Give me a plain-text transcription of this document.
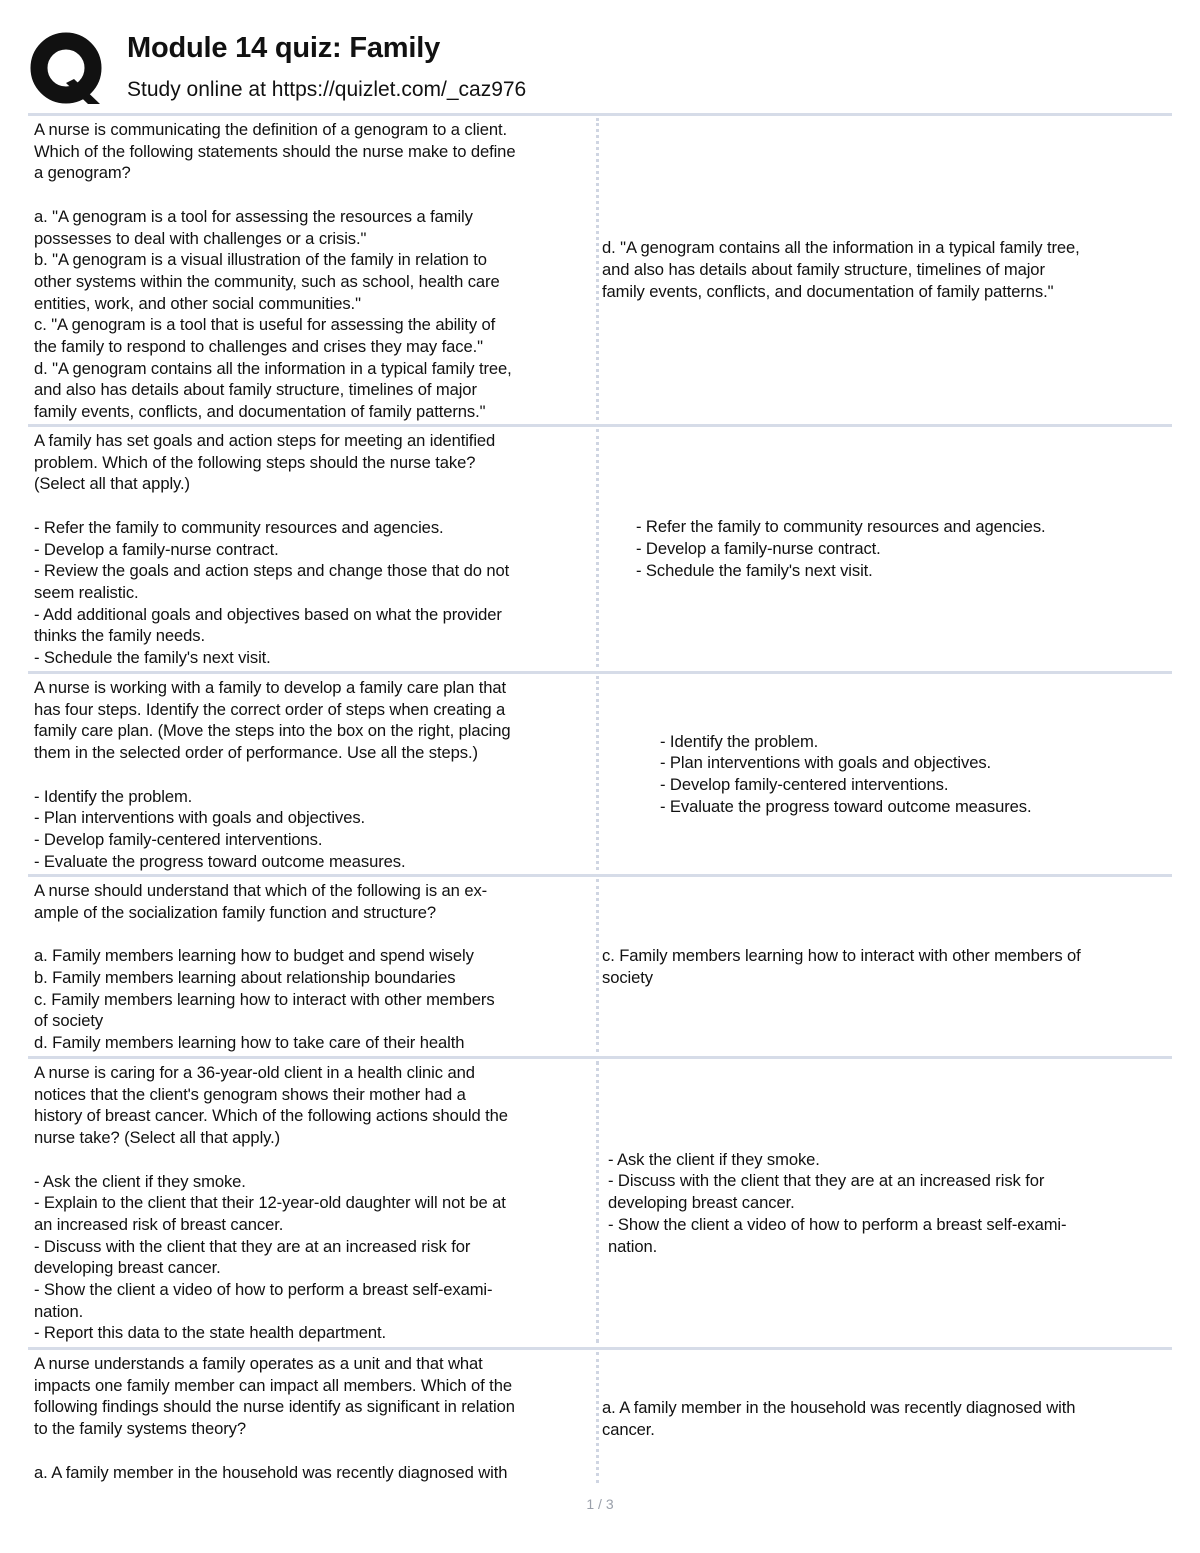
Module 14 quiz: Family
Study online at https://quizlet.com/_caz976
A nurse is communicating the definition of a genogram to a client.
Which of the following statements should the nurse make to define
a genogram?

a. "A genogram is a tool for assessing the resources a family
possesses to deal with challenges or a crisis."
b. "A genogram is a visual illustration of the family in relation to
other systems within the community, such as school, health care
entities, work, and other social communities."
c. "A genogram is a tool that is useful for assessing the ability of
the family to respond to challenges and crises they may face."
d. "A genogram contains all the information in a typical family tree,
and also has details about family structure, timelines of major
family events, conflicts, and documentation of family patterns."
d. "A genogram contains all the information in a typical family tree,
and also has details about family structure, timelines of major
family events, conflicts, and documentation of family patterns."
A family has set goals and action steps for meeting an identified
problem. Which of the following steps should the nurse take?
(Select all that apply.)

- Refer the family to community resources and agencies.
- Develop a family-nurse contract.
- Review the goals and action steps and change those that do not
seem realistic.
- Add additional goals and objectives based on what the provider
thinks the family needs.
- Schedule the family's next visit.
- Refer the family to community resources and agencies.
- Develop a family-nurse contract.
- Schedule the family's next visit.
A nurse is working with a family to develop a family care plan that
has four steps. Identify the correct order of steps when creating a
family care plan. (Move the steps into the box on the right, placing
them in the selected order of performance. Use all the steps.)

- Identify the problem.
- Plan interventions with goals and objectives.
- Develop family-centered interventions.
- Evaluate the progress toward outcome measures.
- Identify the problem.
- Plan interventions with goals and objectives.
- Develop family-centered interventions.
- Evaluate the progress toward outcome measures.
A nurse should understand that which of the following is an ex-
ample of the socialization family function and structure?

a. Family members learning how to budget and spend wisely
b. Family members learning about relationship boundaries
c. Family members learning how to interact with other members
of society
d. Family members learning how to take care of their health
c. Family members learning how to interact with other members of
society
A nurse is caring for a 36-year-old client in a health clinic and
notices that the client's genogram shows their mother had a
history of breast cancer. Which of the following actions should the
nurse take? (Select all that apply.)

- Ask the client if they smoke.
- Explain to the client that their 12-year-old daughter will not be at
an increased risk of breast cancer.
- Discuss with the client that they are at an increased risk for
developing breast cancer.
- Show the client a video of how to perform a breast self-exami-
nation.
- Report this data to the state health department.
- Ask the client if they smoke.
- Discuss with the client that they are at an increased risk for
developing breast cancer.
- Show the client a video of how to perform a breast self-exami-
nation.
A nurse understands a family operates as a unit and that what
impacts one family member can impact all members. Which of the
following findings should the nurse identify as significant in relation
to the family systems theory?

a. A family member in the household was recently diagnosed with
a. A family member in the household was recently diagnosed with
cancer.
1 / 3
